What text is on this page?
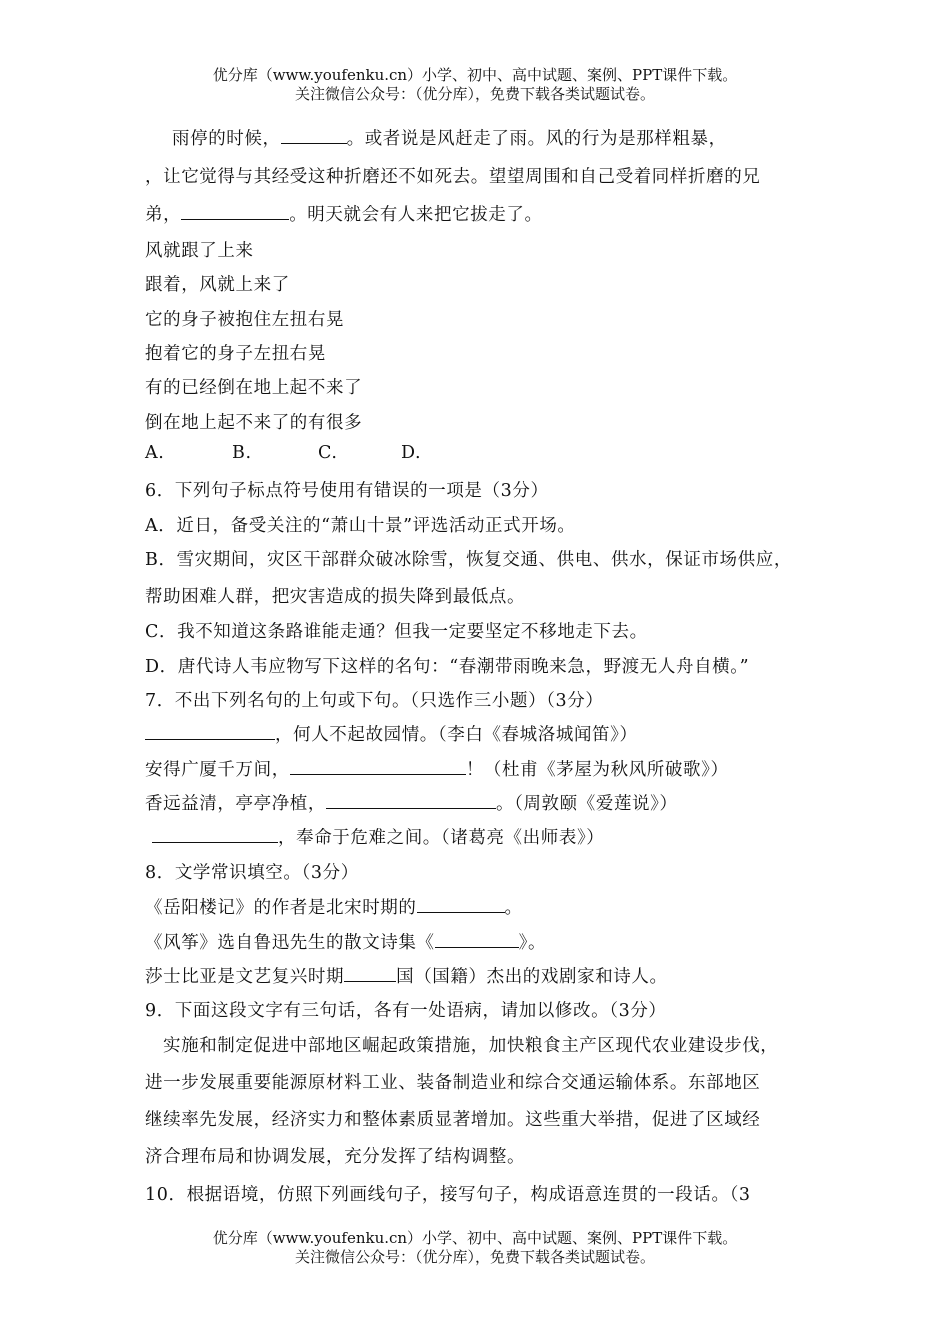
优分库（www.youfenku.cn）小学、初中、高中试题、案例、PPT课件下载。
关注微信公众号：（优分库），免费下载各类试题试卷。
雨停的时候，	。或者说是风赶走了雨。风的行为是那样粗暴，
，让它觉得与其经受这种折磨还不如死去。望望周围和自己受着同样折磨的兄
弟，	。明天就会有人来把它拔走了。
风就跟了上来
跟着，风就上来了
它的身子被抱住左扭右晃
抱着它的身子左扭右晃
有的已经倒在地上起不来了
倒在地上起不来了的有很多
A.	B.	C.	D.
6．下列句子标点符号使用有错误的一项是（3分）
A．近日，备受关注的“萧山十景”评选活动正式开场。
B．雪灾期间，灾区干部群众破冰除雪，恢复交通、供电、供水，保证市场供应，
帮助困难人群，把灾害造成的损失降到最低点。
C．我不知道这条路谁能走通？但我一定要坚定不移地走下去。
D．唐代诗人韦应物写下这样的名句：“春潮带雨晚来急，野渡无人舟自横。”
7．不出下列名句的上句或下句。（只选作三小题）（3分）
，何人不起故园情。（李白《春城洛城闻笛》）
安得广厦千万间，	！（杜甫《茅屋为秋风所破歌》）
香远益清，亭亭净植，	。（周敦颐《爱莲说》）
，奉命于危难之间。（诸葛亮《出师表》）
8．文学常识填空。（3分）
《岳阳楼记》的作者是北宋时期的	。
《风筝》选自鲁迅先生的散文诗集《	》。
莎士比亚是文艺复兴时期	国（国籍）杰出的戏剧家和诗人。
9．下面这段文字有三句话，各有一处语病，请加以修改。（3分）
实施和制定促进中部地区崛起政策措施，加快粮食主产区现代农业建设步伐，
进一步发展重要能源原材料工业、装备制造业和综合交通运输体系。东部地区
继续率先发展，经济实力和整体素质显著增加。这些重大举措，促进了区域经
济合理布局和协调发展，充分发挥了结构调整。
10．根据语境，仿照下列画线句子，接写句子，构成语意连贯的一段话。（3
优分库（www.youfenku.cn）小学、初中、高中试题、案例、PPT课件下载。
关注微信公众号：（优分库），免费下载各类试题试卷。
